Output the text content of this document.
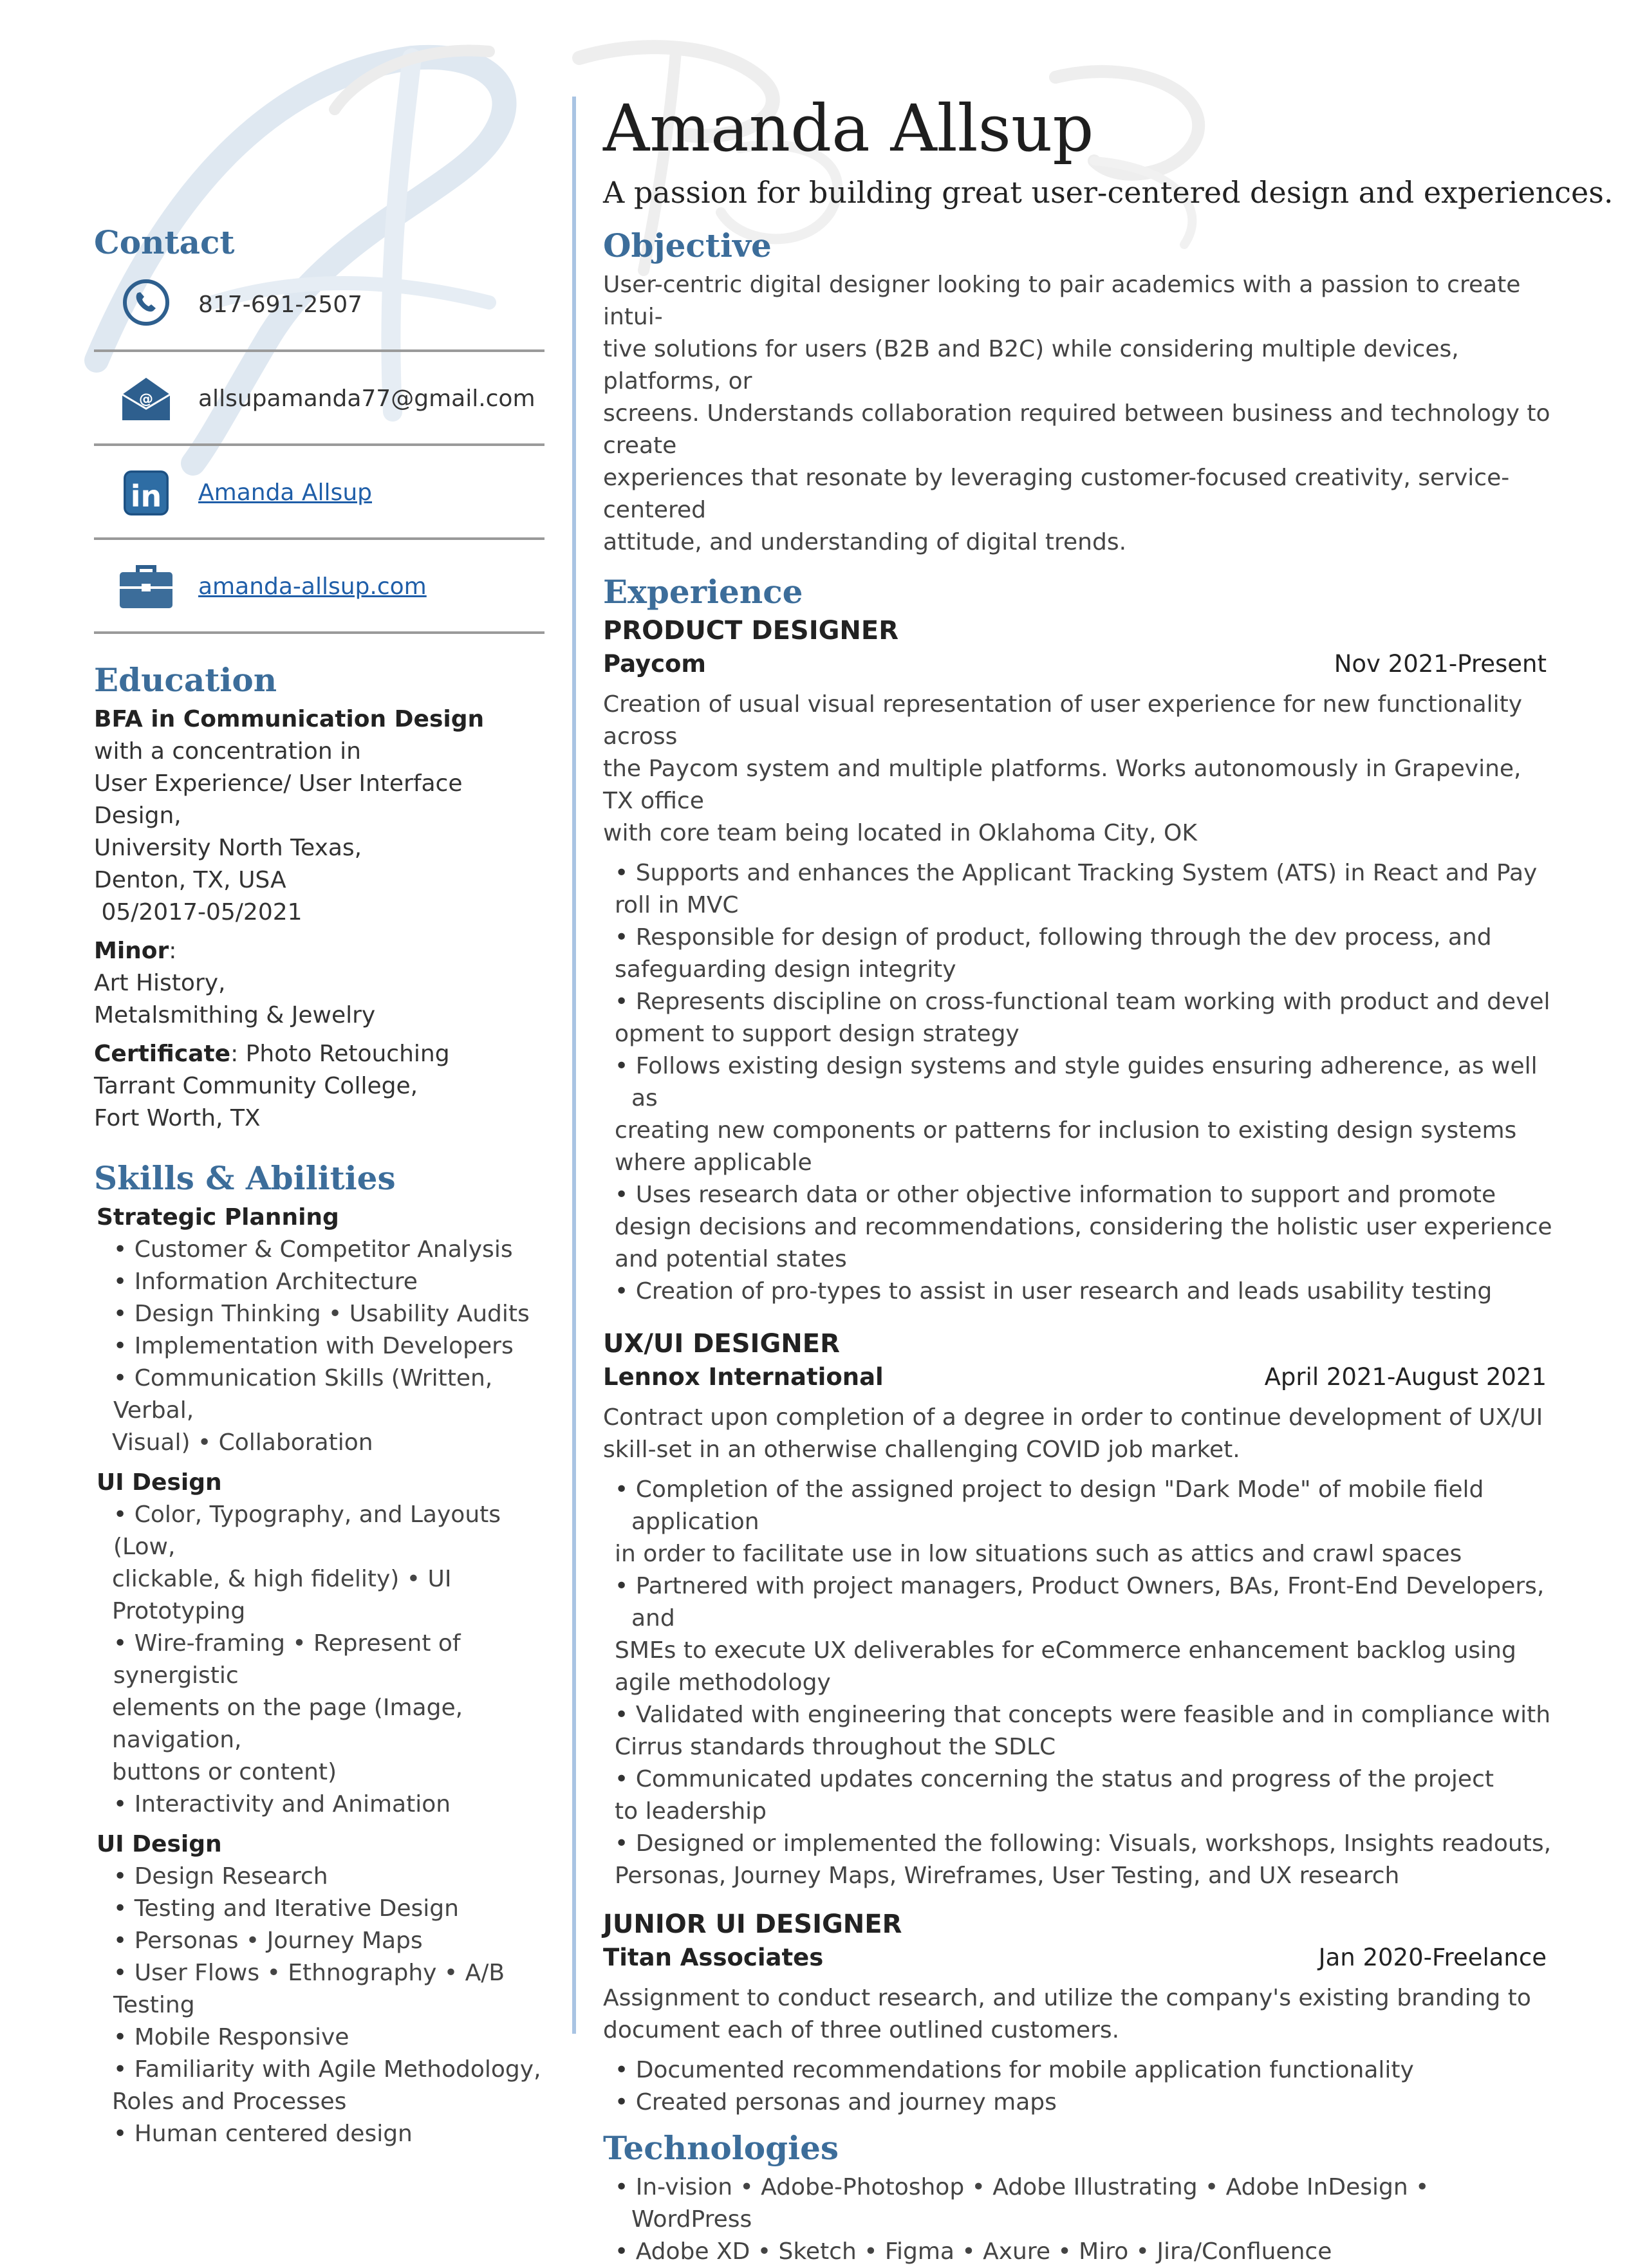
Contact
817-691-2507
@ allsupamanda77@gmail.com
in Amanda Allsup
amanda-allsup.com
Education
BFA in Communication Design
with a concentration in
User Experience/ User Interface Design,
University North Texas,
Denton, TX, USA
05/2017-05/2021
Minor:
Art History,
Metalsmithing & Jewelry
Certificate: Photo Retouching
Tarrant Community College,
Fort Worth, TX
Skills & Abilities
Strategic Planning
• Customer & Competitor Analysis
• Information Architecture
• Design Thinking • Usability Audits
• Implementation with Developers
• Communication Skills (Written, Verbal,
Visual) • Collaboration
UI Design
• Color, Typography, and Layouts (Low,
clickable, & high fidelity) • UI Prototyping
• Wire-framing • Represent of synergistic
elements on the page (Image, navigation,
buttons or content)
• Interactivity and Animation
UI Design
• Design Research
• Testing and Iterative Design
• Personas • Journey Maps
• User Flows • Ethnography • A/B Testing
• Mobile Responsive
• Familiarity with Agile Methodology,
Roles and Processes
• Human centered design
Amanda Allsup
A passion for building great user-centered design and experiences.
Objective
User-centric digital designer looking to pair academics with a passion to create intui-
tive solutions for users (B2B and B2C) while considering multiple devices, platforms, or
screens. Understands collaboration required between business and technology to create
experiences that resonate by leveraging customer-focused creativity, service-centered
attitude, and understanding of digital trends.
Experience
PRODUCT DESIGNER
Paycom	Nov 2021-Present
Creation of usual visual representation of user experience for new functionality across
the Paycom system and multiple platforms. Works autonomously in Grapevine, TX office
with core team being located in Oklahoma City, OK
• Supports and enhances the Applicant Tracking System (ATS) in React and Pay
roll in MVC
• Responsible for design of product, following through the dev process, and
safeguarding design integrity
• Represents discipline on cross-functional team working with product and devel
opment to support design strategy
• Follows existing design systems and style guides ensuring adherence, as well as
creating new components or patterns for inclusion to existing design systems
where applicable
• Uses research data or other objective information to support and promote
design decisions and recommendations, considering the holistic user experience
and potential states
• Creation of pro-types to assist in user research and leads usability testing
UX/UI DESIGNER
Lennox International	April 2021-August 2021
Contract upon completion of a degree in order to continue development of UX/UI
skill-set in an otherwise challenging COVID job market.
• Completion of the assigned project to design "Dark Mode" of mobile field application
in order to facilitate use in low situations such as attics and crawl spaces
• Partnered with project managers, Product Owners, BAs, Front-End Developers, and
SMEs to execute UX deliverables for eCommerce enhancement backlog using
agile methodology
• Validated with engineering that concepts were feasible and in compliance with
Cirrus standards throughout the SDLC
• Communicated updates concerning the status and progress of the project
to leadership
• Designed or implemented the following: Visuals, workshops, Insights readouts,
Personas, Journey Maps, Wireframes, User Testing, and UX research
JUNIOR UI DESIGNER
Titan Associates	Jan 2020-Freelance
Assignment to conduct research, and utilize the company's existing branding to
document each of three outlined customers.
• Documented recommendations for mobile application functionality
• Created personas and journey maps
Technologies
• In-vision • Adobe-Photoshop • Adobe Illustrating • Adobe InDesign • WordPress
• Adobe XD • Sketch • Figma • Axure • Miro • Jira/Confluence
